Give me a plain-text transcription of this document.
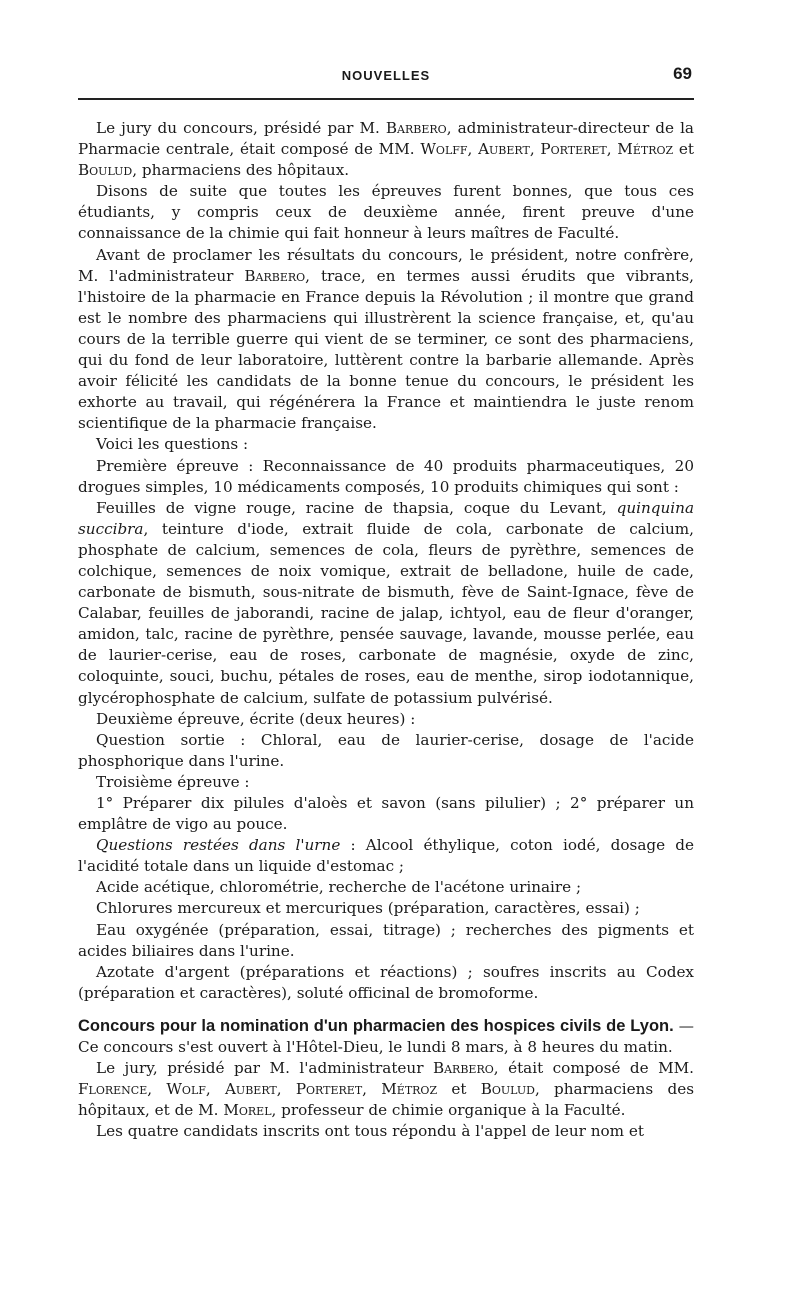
NOUVELLES	69

Le jury du concours, présidé par M. Barbero, administrateur-directeur de la Pharmacie centrale, était composé de MM. Wolff, Aubert, Porteret, Métroz et Boulud, pharmaciens des hôpitaux.

Disons de suite que toutes les épreuves furent bonnes, que tous ces étudiants, y compris ceux de deuxième année, firent preuve d'une connaissance de la chimie qui fait honneur à leurs maîtres de Faculté.

Avant de proclamer les résultats du concours, le président, notre confrère, M. l'administrateur Barbero, trace, en termes aussi érudits que vibrants, l'histoire de la pharmacie en France depuis la Révolution ; il montre que grand est le nombre des pharmaciens qui illustrèrent la science française, et, qu'au cours de la terrible guerre qui vient de se terminer, ce sont des pharmaciens, qui du fond de leur laboratoire, luttèrent contre la barbarie allemande. Après avoir félicité les candidats de la bonne tenue du concours, le président les exhorte au travail, qui régénérera la France et maintiendra le juste renom scientifique de la pharmacie française.

Voici les questions :

Première épreuve : Reconnaissance de 40 produits pharmaceutiques, 20 drogues simples, 10 médicaments composés, 10 produits chimiques qui sont :

Feuilles de vigne rouge, racine de thapsia, coque du Levant, quinquina succibra, teinture d'iode, extrait fluide de cola, carbonate de calcium, phosphate de calcium, semences de cola, fleurs de pyrèthre, semences de colchique, semences de noix vomique, extrait de belladone, huile de cade, carbonate de bismuth, sous-nitrate de bismuth, fève de Saint-Ignace, fève de Calabar, feuilles de jaborandi, racine de jalap, ichtyol, eau de fleur d'oranger, amidon, talc, racine de pyrèthre, pensée sauvage, lavande, mousse perlée, eau de laurier-cerise, eau de roses, carbonate de magnésie, oxyde de zinc, coloquinte, souci, buchu, pétales de roses, eau de menthe, sirop iodotannique, glycérophosphate de calcium, sulfate de potassium pulvérisé.

Deuxième épreuve, écrite (deux heures) :

Question sortie : Chloral, eau de laurier-cerise, dosage de l'acide phosphorique dans l'urine.

Troisième épreuve :

1° Préparer dix pilules d'aloès et savon (sans pilulier) ; 2° préparer un emplâtre de vigo au pouce.

Questions restées dans l'urne : Alcool éthylique, coton iodé, dosage de l'acidité totale dans un liquide d'estomac ;

Acide acétique, chlorométrie, recherche de l'acétone urinaire ;

Chlorures mercureux et mercuriques (préparation, caractères, essai) ;

Eau oxygénée (préparation, essai, titrage) ; recherches des pigments et acides biliaires dans l'urine.

Azotate d'argent (préparations et réactions) ; soufres inscrits au Codex (préparation et caractères), soluté officinal de bromoforme.

Concours pour la nomination d'un pharmacien des hospices civils de Lyon. — Ce concours s'est ouvert à l'Hôtel-Dieu, le lundi 8 mars, à 8 heures du matin.

Le jury, présidé par M. l'administrateur Barbero, était composé de MM. Florence, Wolf, Aubert, Porteret, Métroz et Boulud, pharmaciens des hôpitaux, et de M. Morel, professeur de chimie organique à la Faculté.

Les quatre candidats inscrits ont tous répondu à l'appel de leur nom et
